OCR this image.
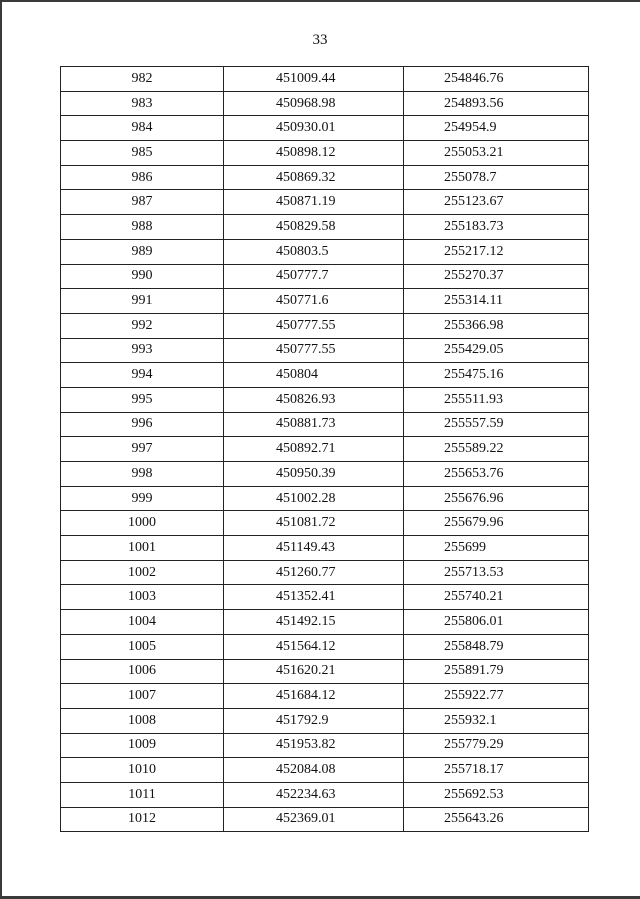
33
982	451009.44	254846.76
983	450968.98	254893.56
984	450930.01	254954.9
985	450898.12	255053.21
986	450869.32	255078.7
987	450871.19	255123.67
988	450829.58	255183.73
989	450803.5	255217.12
990	450777.7	255270.37
991	450771.6	255314.11
992	450777.55	255366.98
993	450777.55	255429.05
994	450804	255475.16
995	450826.93	255511.93
996	450881.73	255557.59
997	450892.71	255589.22
998	450950.39	255653.76
999	451002.28	255676.96
1000	451081.72	255679.96
1001	451149.43	255699
1002	451260.77	255713.53
1003	451352.41	255740.21
1004	451492.15	255806.01
1005	451564.12	255848.79
1006	451620.21	255891.79
1007	451684.12	255922.77
1008	451792.9	255932.1
1009	451953.82	255779.29
1010	452084.08	255718.17
1011	452234.63	255692.53
1012	452369.01	255643.26
